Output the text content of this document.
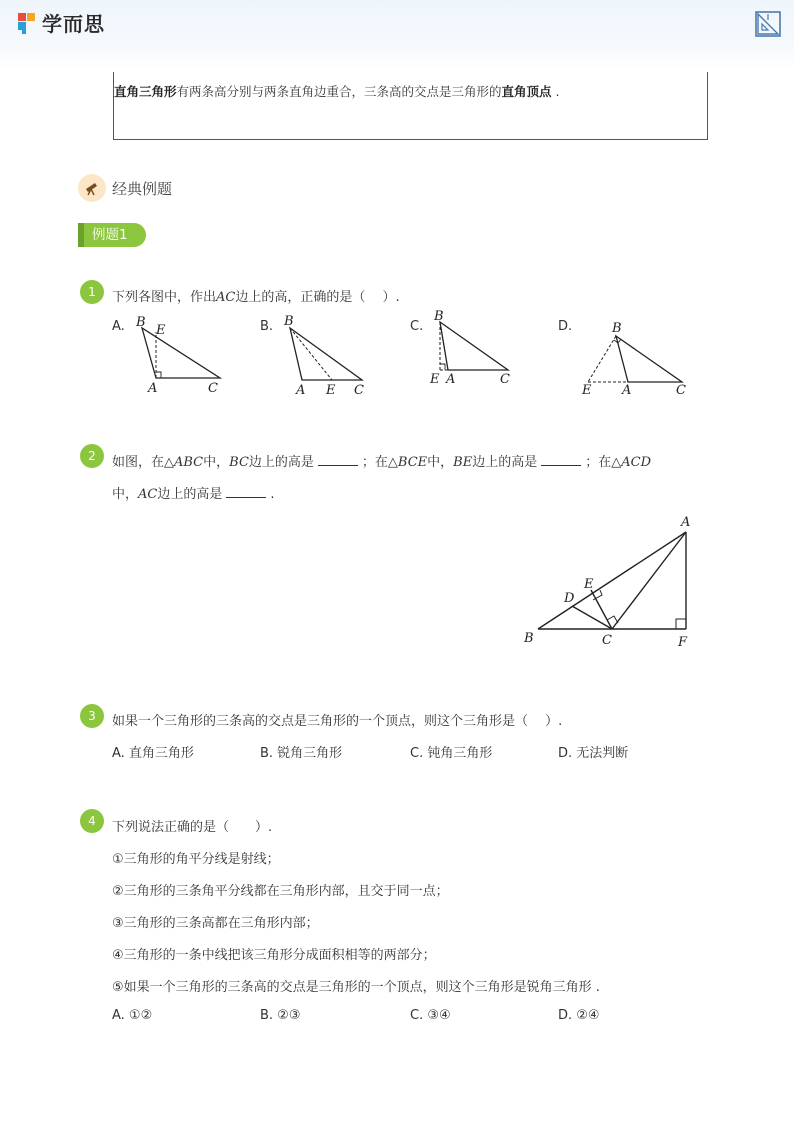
学而思
直角三角形有两条高分别与两条直角边重合，三条高的交点是三角形的直角顶点 .
经典例题
例题1
1	下列各图中，作出AC边上的高，正确的是（　 ）.
A.	B.	C.	D.
B
E
A	C
B
A E C
B
E A	C
B
E A	C
2	如图，在△ABC中，BC边上的高是	；在△BCE中，BE边上的高是	；在△ACD
中，AC边上的高是	.
A
B	C
D
E
F
3	如果一个三角形的三条高的交点是三角形的一个顶点，则这个三角形是（　 ）.
A. 直角三角形	B. 锐角三角形	C. 钝角三角形	D. 无法判断
4	下列说法正确的是（　　）.
①三角形的角平分线是射线；
②三角形的三条角平分线都在三角形内部，且交于同一点；
③三角形的三条高都在三角形内部；
④三角形的一条中线把该三角形分成面积相等的两部分；
⑤如果一个三角形的三条高的交点是三角形的一个顶点，则这个三角形是锐角三角形 .
A. ①②	B. ②③	C. ③④	D. ②④
